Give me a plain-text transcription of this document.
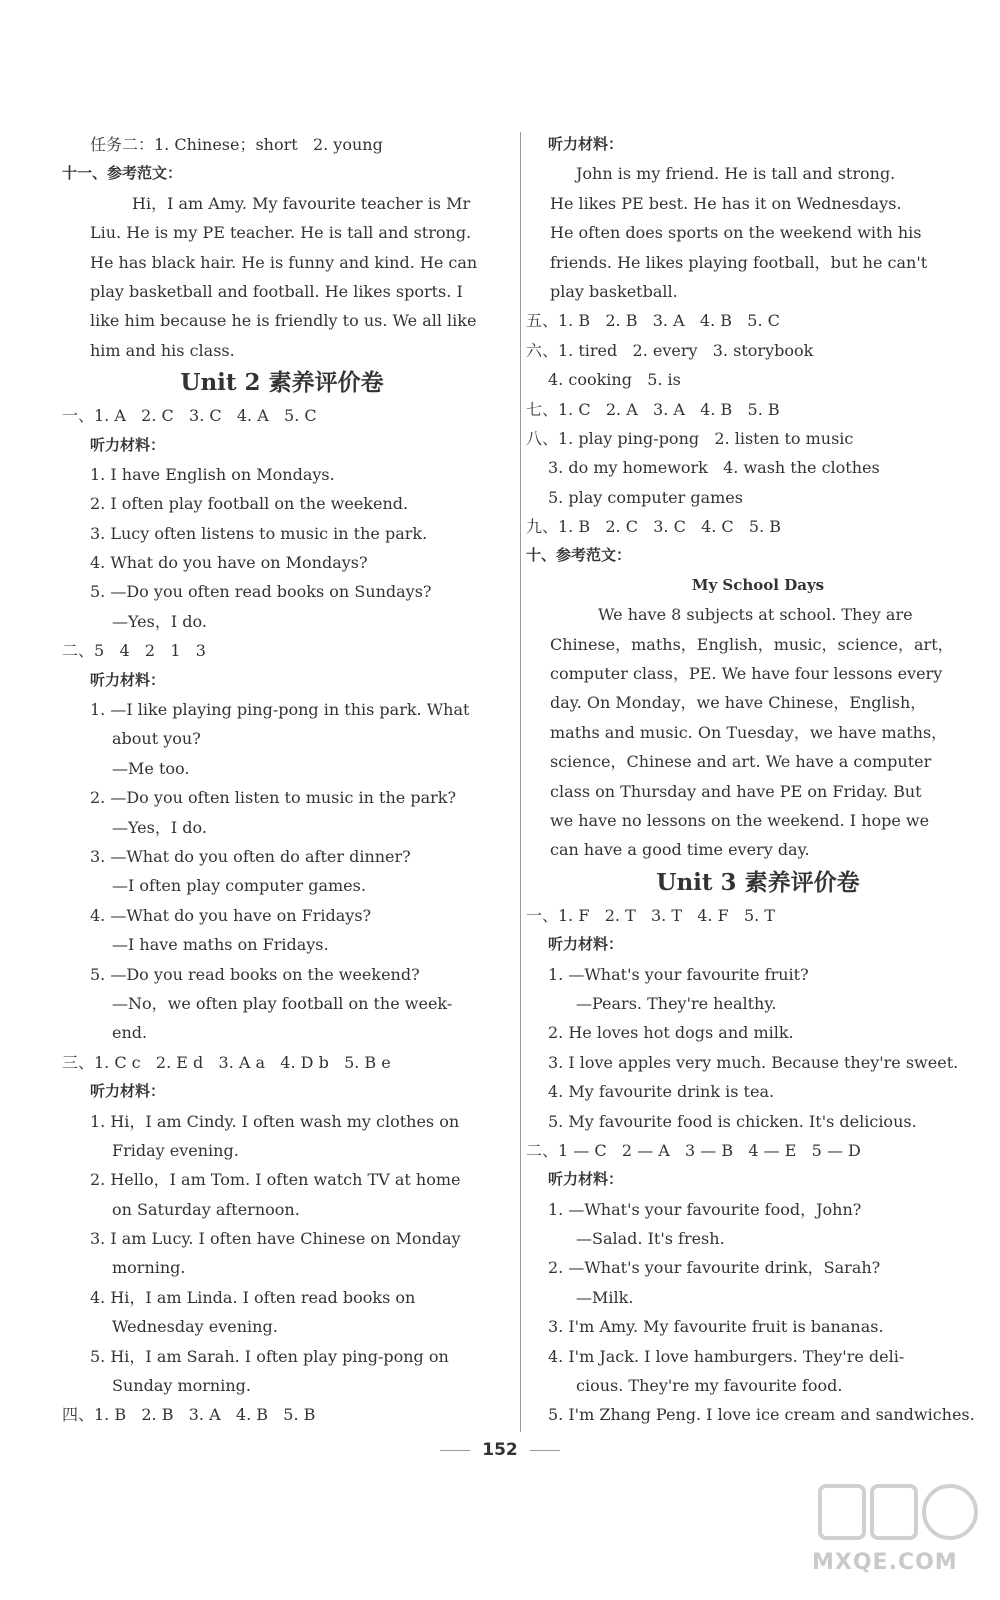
任务二：1. Chinese；short   2. young
十一、参考范文：
Hi，I am Amy. My favourite teacher is Mr
Liu. He is my PE teacher. He is tall and strong.
He has black hair. He is funny and kind. He can
play basketball and football. He likes sports. I
like him because he is friendly to us. We all like
him and his class.
Unit 2 素养评价卷
一、1. A   2. C   3. C   4. A   5. C
听力材料：
1. I have English on Mondays.
2. I often play football on the weekend.
3. Lucy often listens to music in the park.
4. What do you have on Mondays?
5. —Do you often read books on Sundays?
—Yes，I do.
二、5   4   2   1   3
听力材料：
1. —I like playing ping-pong in this park. What
about you?
—Me too.
2. —Do you often listen to music in the park?
—Yes，I do.
3. —What do you often do after dinner?
—I often play computer games.
4. —What do you have on Fridays?
—I have maths on Fridays.
5. —Do you read books on the weekend?
—No，we often play football on the week-
end.
三、1. C c   2. E d   3. A a   4. D b   5. B e
听力材料：
1. Hi，I am Cindy. I often wash my clothes on
Friday evening.
2. Hello，I am Tom. I often watch TV at home
on Saturday afternoon.
3. I am Lucy. I often have Chinese on Monday
morning.
4. Hi，I am Linda. I often read books on
Wednesday evening.
5. Hi，I am Sarah. I often play ping-pong on
Sunday morning.
四、1. B   2. B   3. A   4. B   5. B
听力材料：
John is my friend. He is tall and strong.
He likes PE best. He has it on Wednesdays.
He often does sports on the weekend with his
friends. He likes playing football，but he can't
play basketball.
五、1. B   2. B   3. A   4. B   5. C
六、1. tired   2. every   3. storybook
4. cooking   5. is
七、1. C   2. A   3. A   4. B   5. B
八、1. play ping-pong   2. listen to music
3. do my homework   4. wash the clothes
5. play computer games
九、1. B   2. C   3. C   4. C   5. B
十、参考范文：
My School Days
We have 8 subjects at school. They are
Chinese，maths，English，music，science，art，
computer class，PE. We have four lessons every
day. On Monday，we have Chinese，English，
maths and music. On Tuesday，we have maths，
science，Chinese and art. We have a computer
class on Thursday and have PE on Friday. But
we have no lessons on the weekend. I hope we
can have a good time every day.
Unit 3 素养评价卷
一、1. F   2. T   3. T   4. F   5. T
听力材料：
1. —What's your favourite fruit?
—Pears. They're healthy.
2. He loves hot dogs and milk.
3. I love apples very much. Because they're sweet.
4. My favourite drink is tea.
5. My favourite food is chicken. It's delicious.
二、1 — C   2 — A   3 — B   4 — E   5 — D
听力材料：
1. —What's your favourite food，John?
—Salad. It's fresh.
2. —What's your favourite drink，Sarah?
—Milk.
3. I'm Amy. My favourite fruit is bananas.
4. I'm Jack. I love hamburgers. They're deli-
cious. They're my favourite food.
5. I'm Zhang Peng. I love ice cream and sandwiches.
152
MXQE.COM
